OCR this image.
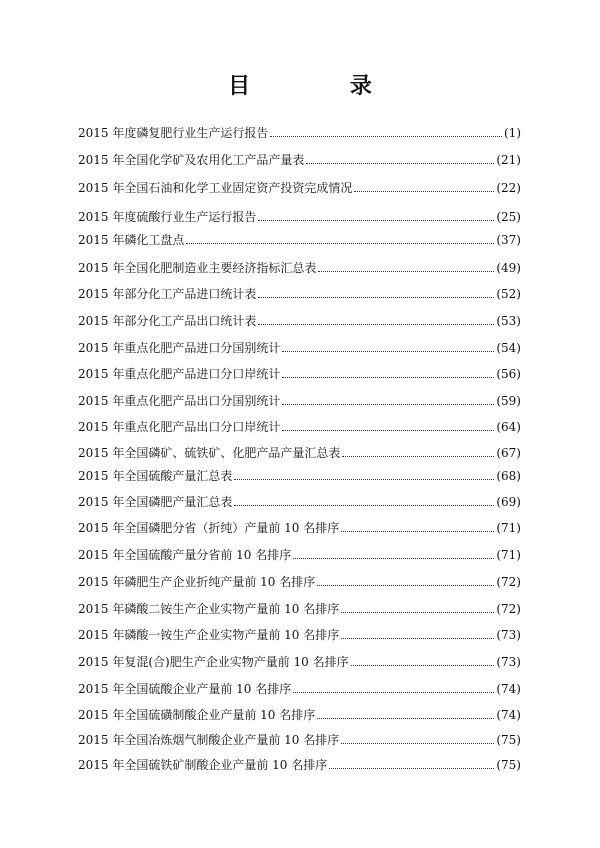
目 录
2015 年度磷复肥行业生产运行报告	(1)
2015 年全国化学矿及农用化工产品产量表	(21)
2015 年全国石油和化学工业固定资产投资完成情况	(22)
2015 年度硫酸行业生产运行报告	(25)
2015 年磷化工盘点	(37)
2015 年全国化肥制造业主要经济指标汇总表	(49)
2015 年部分化工产品进口统计表	(52)
2015 年部分化工产品出口统计表	(53)
2015 年重点化肥产品进口分国别统计	(54)
2015 年重点化肥产品进口分口岸统计	(56)
2015 年重点化肥产品出口分国别统计	(59)
2015 年重点化肥产品出口分口岸统计	(64)
2015 年全国磷矿、硫铁矿、化肥产品产量汇总表	(67)
2015 年全国硫酸产量汇总表	(68)
2015 年全国磷肥产量汇总表	(69)
2015 年全国磷肥分省（折纯）产量前 10 名排序	(71)
2015 年全国硫酸产量分省前 10 名排序	(71)
2015 年磷肥生产企业折纯产量前 10 名排序	(72)
2015 年磷酸二铵生产企业实物产量前 10 名排序	(72)
2015 年磷酸一铵生产企业实物产量前 10 名排序	(73)
2015 年复混(合)肥生产企业实物产量前 10 名排序	(73)
2015 年全国硫酸企业产量前 10 名排序	(74)
2015 年全国硫磺制酸企业产量前 10 名排序	(74)
2015 年全国冶炼烟气制酸企业产量前 10 名排序	(75)
2015 年全国硫铁矿制酸企业产量前 10 名排序	(75)
